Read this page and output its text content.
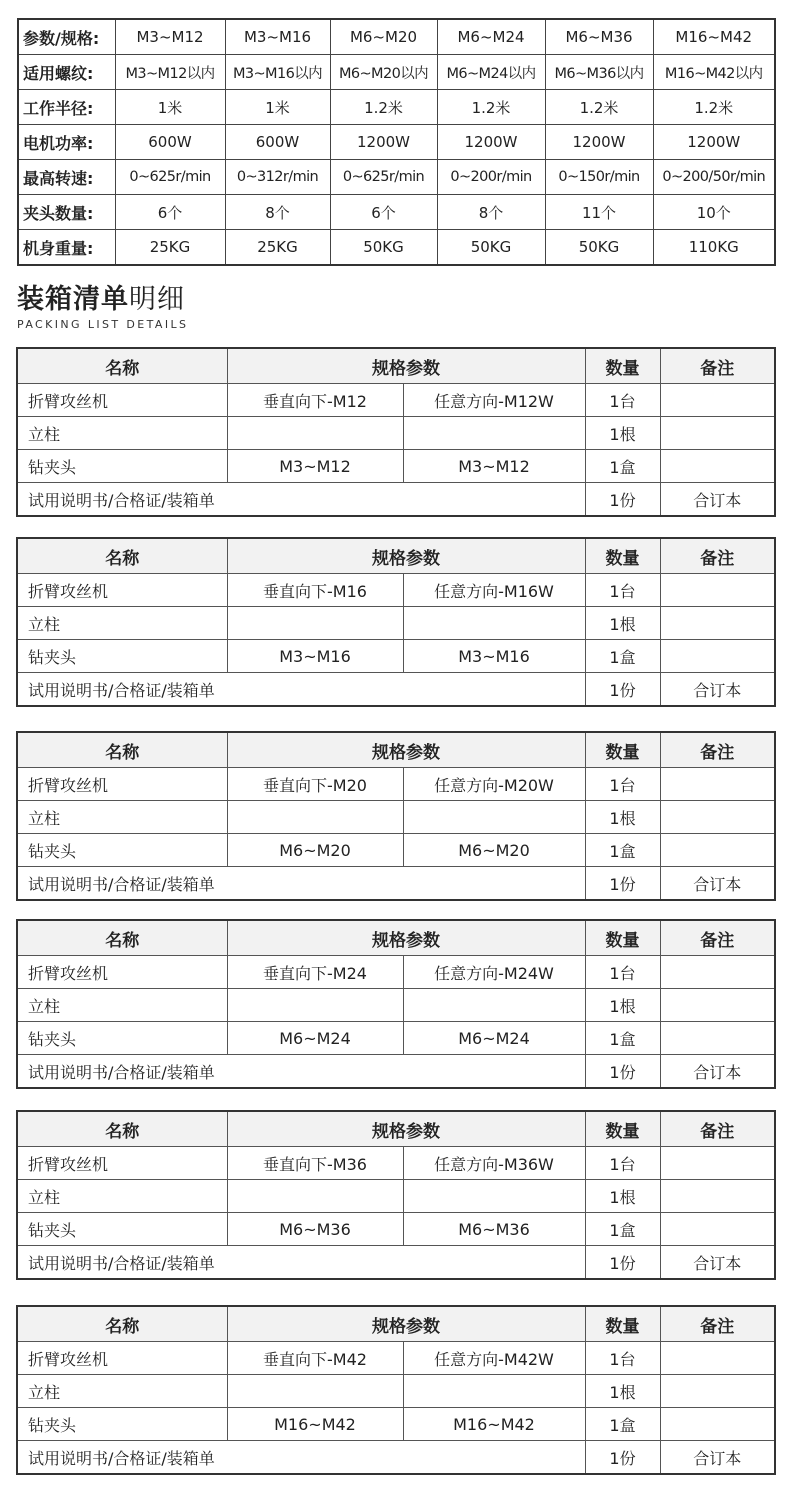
参数/规格:	M3~M12	M3~M16	M6~M20	M6~M24	M6~M36	M16~M42
适用螺纹:	M3~M12以内	M3~M16以内	M6~M20以内	M6~M24以内	M6~M36以内	M16~M42以内
工作半径:	1米	1米	1.2米	1.2米	1.2米	1.2米
电机功率:	600W	600W	1200W	1200W	1200W	1200W
最高转速:	0~625r/min	0~312r/min	0~625r/min	0~200r/min	0~150r/min	0~200/50r/min
夹头数量:	6个	8个	6个	8个	11个	10个
机身重量:	25KG	25KG	50KG	50KG	50KG	110KG
装箱清单明细
PACKING LIST DETAILS
名称	规格参数		数量	备注
折臂攻丝机	垂直向下-M12	任意方向-M12W	1台	
立柱			1根	
钻夹头	M3~M12	M3~M12	1盒	
试用说明书/合格证/装箱单			1份	合订本
名称	规格参数		数量	备注
折臂攻丝机	垂直向下-M16	任意方向-M16W	1台	
立柱			1根	
钻夹头	M3~M16	M3~M16	1盒	
试用说明书/合格证/装箱单			1份	合订本
名称	规格参数		数量	备注
折臂攻丝机	垂直向下-M20	任意方向-M20W	1台	
立柱			1根	
钻夹头	M6~M20	M6~M20	1盒	
试用说明书/合格证/装箱单			1份	合订本
名称	规格参数		数量	备注
折臂攻丝机	垂直向下-M24	任意方向-M24W	1台	
立柱			1根	
钻夹头	M6~M24	M6~M24	1盒	
试用说明书/合格证/装箱单			1份	合订本
名称	规格参数		数量	备注
折臂攻丝机	垂直向下-M36	任意方向-M36W	1台	
立柱			1根	
钻夹头	M6~M36	M6~M36	1盒	
试用说明书/合格证/装箱单			1份	合订本
名称	规格参数		数量	备注
折臂攻丝机	垂直向下-M42	任意方向-M42W	1台	
立柱			1根	
钻夹头	M16~M42	M16~M42	1盒	
试用说明书/合格证/装箱单			1份	合订本
